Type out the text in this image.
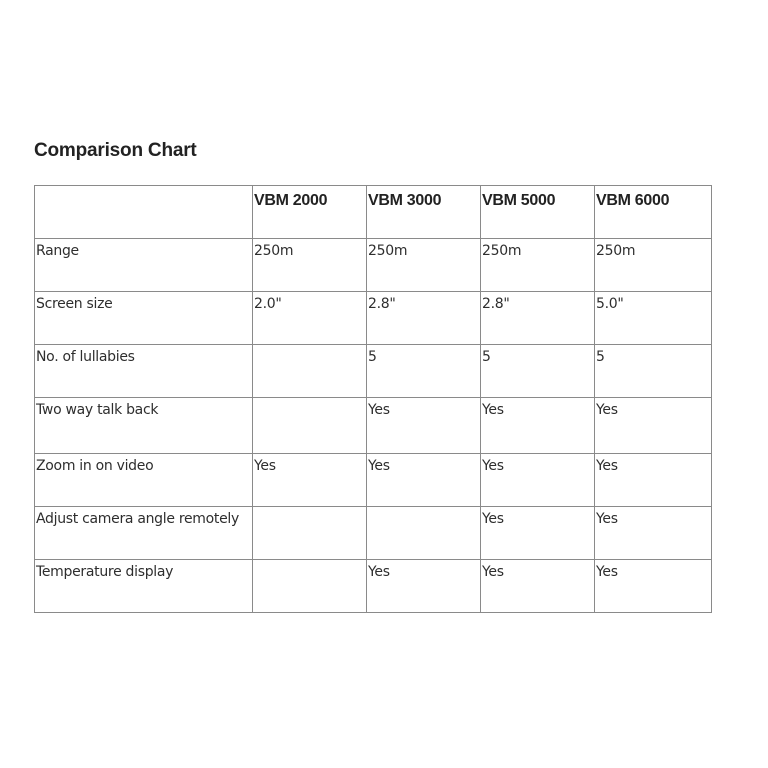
Comparison Chart
	VBM 2000	VBM 3000	VBM 5000	VBM 6000
Range	250m	250m	250m	250m
Screen size	2.0"	2.8"	2.8"	5.0"
No. of lullabies		5	5	5
Two way talk back		Yes	Yes	Yes
Zoom in on video	Yes	Yes	Yes	Yes
Adjust camera angle remotely			Yes	Yes
Temperature display		Yes	Yes	Yes
